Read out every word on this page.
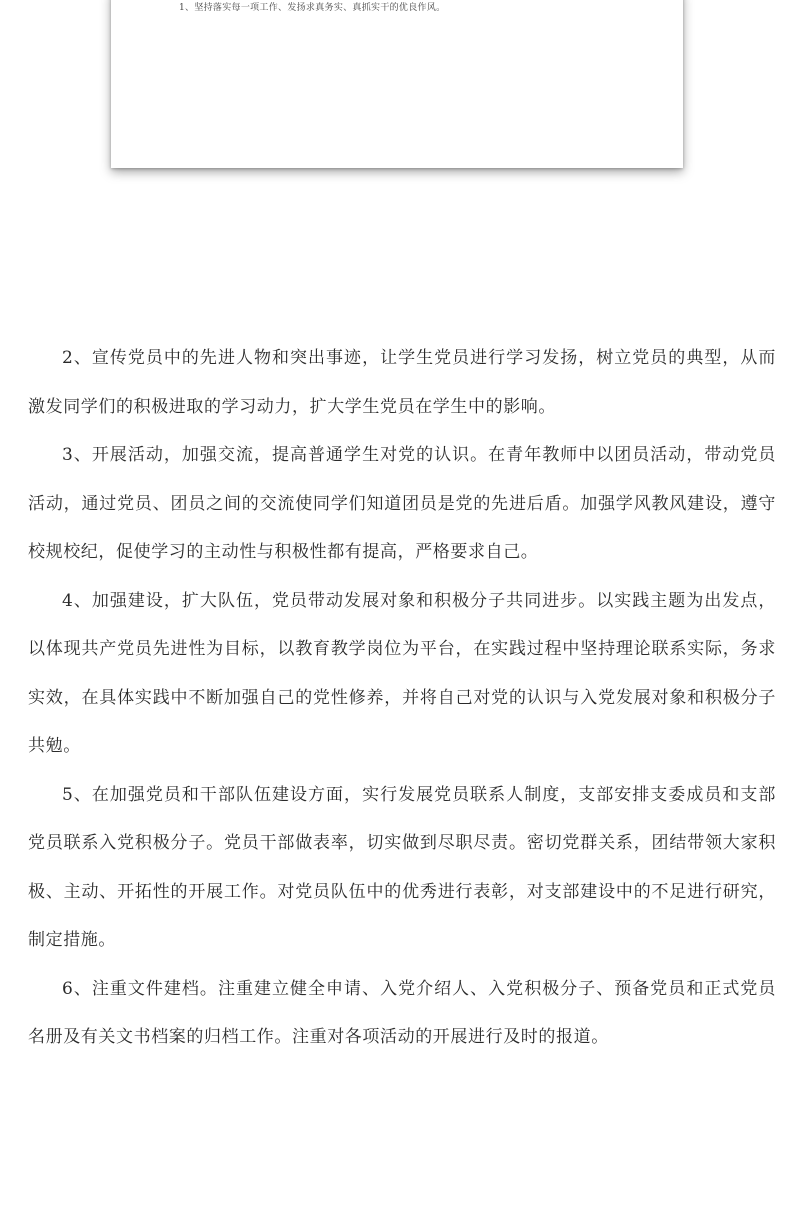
1、坚持落实每一项工作、发扬求真务实、真抓实干的优良作风。

2、宣传党员中的先进人物和突出事迹，让学生党员进行学习发扬，树立党员的典型，从而激发同学们的积极进取的学习动力，扩大学生党员在学生中的影响。

3、开展活动，加强交流，提高普通学生对党的认识。在青年教师中以团员活动，带动党员活动，通过党员、团员之间的交流使同学们知道团员是党的先进后盾。加强学风教风建设，遵守校规校纪，促使学习的主动性与积极性都有提高，严格要求自己。

4、加强建设，扩大队伍，党员带动发展对象和积极分子共同进步。以实践主题为出发点，以体现共产党员先进性为目标，以教育教学岗位为平台，在实践过程中坚持理论联系实际，务求实效，在具体实践中不断加强自己的党性修养，并将自己对党的认识与入党发展对象和积极分子共勉。

5、在加强党员和干部队伍建设方面，实行发展党员联系人制度，支部安排支委成员和支部党员联系入党积极分子。党员干部做表率，切实做到尽职尽责。密切党群关系，团结带领大家积极、主动、开拓性的开展工作。对党员队伍中的优秀进行表彰，对支部建设中的不足进行研究，制定措施。

6、注重文件建档。注重建立健全申请、入党介绍人、入党积极分子、预备党员和正式党员名册及有关文书档案的归档工作。注重对各项活动的开展进行及时的报道。
